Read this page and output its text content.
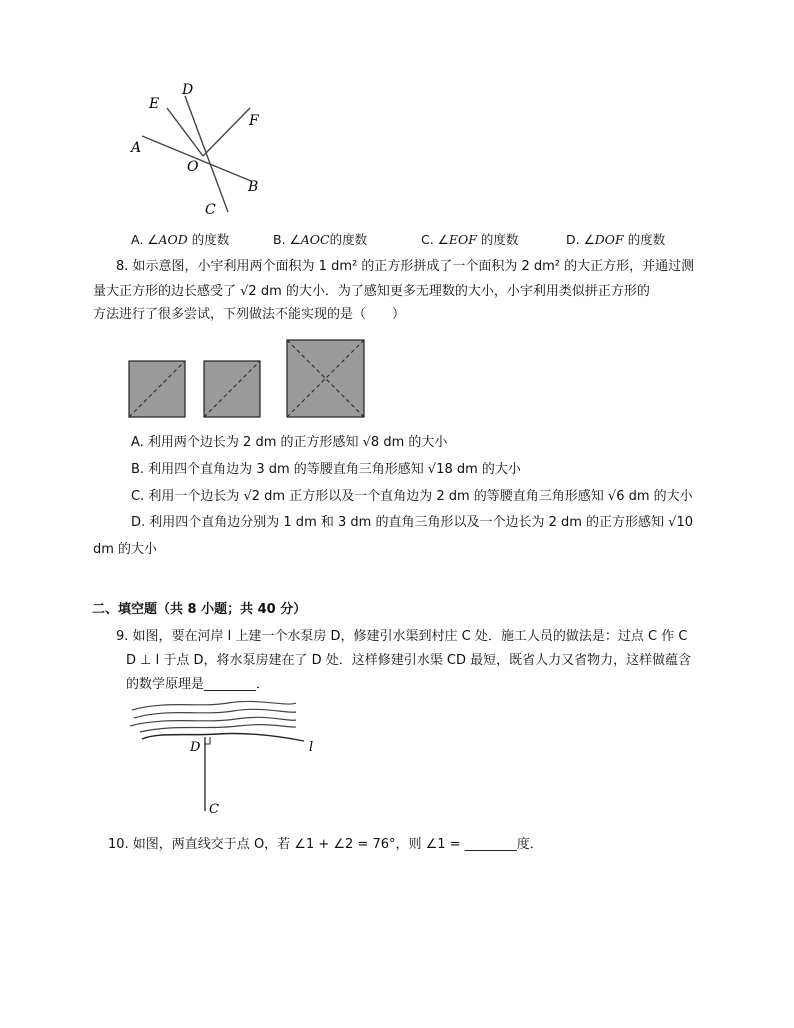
D
E
F
A
O
B
C
A. ∠AOD 的度数	B. ∠AOC的度数	C. ∠EOF 的度数	D. ∠DOF 的度数
8. 如示意图，小宇利用两个面积为 1 dm² 的正方形拼成了一个面积为 2 dm² 的大正方形，并通过测
量大正方形的边长感受了 √2 dm 的大小．为了感知更多无理数的大小，小宇利用类似拼正方形的
方法进行了很多尝试，下列做法不能实现的是（　　）
A. 利用两个边长为 2 dm 的正方形感知 √8 dm 的大小
B. 利用四个直角边为 3 dm 的等腰直角三角形感知 √18 dm 的大小
C. 利用一个边长为 √2 dm 正方形以及一个直角边为 2 dm 的等腰直角三角形感知 √6 dm 的大小
D. 利用四个直角边分别为 1 dm 和 3 dm 的直角三角形以及一个边长为 2 dm 的正方形感知 √10
dm 的大小
二、填空题（共 8 小题；共 40 分）
9. 如图，要在河岸 l 上建一个水泵房 D，修建引水渠到村庄 C 处．施工人员的做法是：过点 C 作 C
D ⊥ l 于点 D，将水泵房建在了 D 处．这样修建引水渠 CD 最短，既省人力又省物力，这样做蕴含
的数学原理是________．
D	l
C
10. 如图，两直线交于点 O，若 ∠1 + ∠2 = 76°，则 ∠1 = ________度．
